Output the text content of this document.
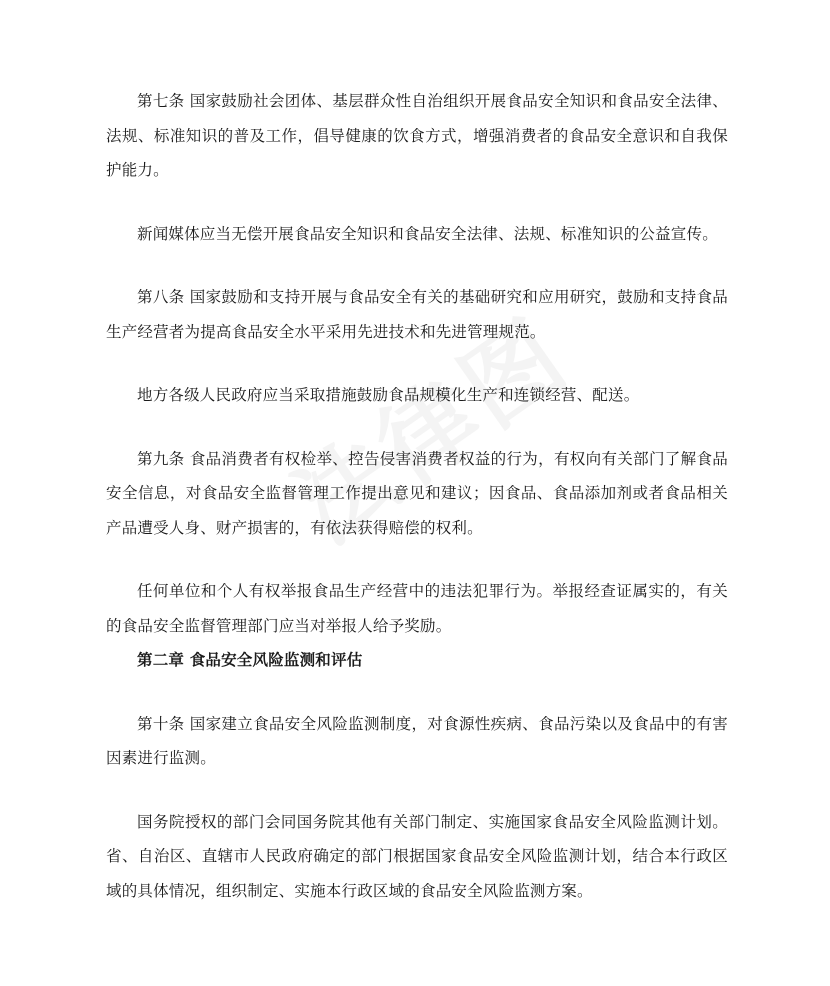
第七条 国家鼓励社会团体、基层群众性自治组织开展食品安全知识和食品安全法律、法规、标准知识的普及工作，倡导健康的饮食方式，增强消费者的食品安全意识和自我保护能力。

新闻媒体应当无偿开展食品安全知识和食品安全法律、法规、标准知识的公益宣传。

第八条 国家鼓励和支持开展与食品安全有关的基础研究和应用研究，鼓励和支持食品生产经营者为提高食品安全水平采用先进技术和先进管理规范。

地方各级人民政府应当采取措施鼓励食品规模化生产和连锁经营、配送。

第九条 食品消费者有权检举、控告侵害消费者权益的行为，有权向有关部门了解食品安全信息，对食品安全监督管理工作提出意见和建议；因食品、食品添加剂或者食品相关产品遭受人身、财产损害的，有依法获得赔偿的权利。

任何单位和个人有权举报食品生产经营中的违法犯罪行为。举报经查证属实的，有关的食品安全监督管理部门应当对举报人给予奖励。

第二章 食品安全风险监测和评估

第十条 国家建立食品安全风险监测制度，对食源性疾病、食品污染以及食品中的有害因素进行监测。

国务院授权的部门会同国务院其他有关部门制定、实施国家食品安全风险监测计划。省、自治区、直辖市人民政府确定的部门根据国家食品安全风险监测计划，结合本行政区域的具体情况，组织制定、实施本行政区域的食品安全风险监测方案。
